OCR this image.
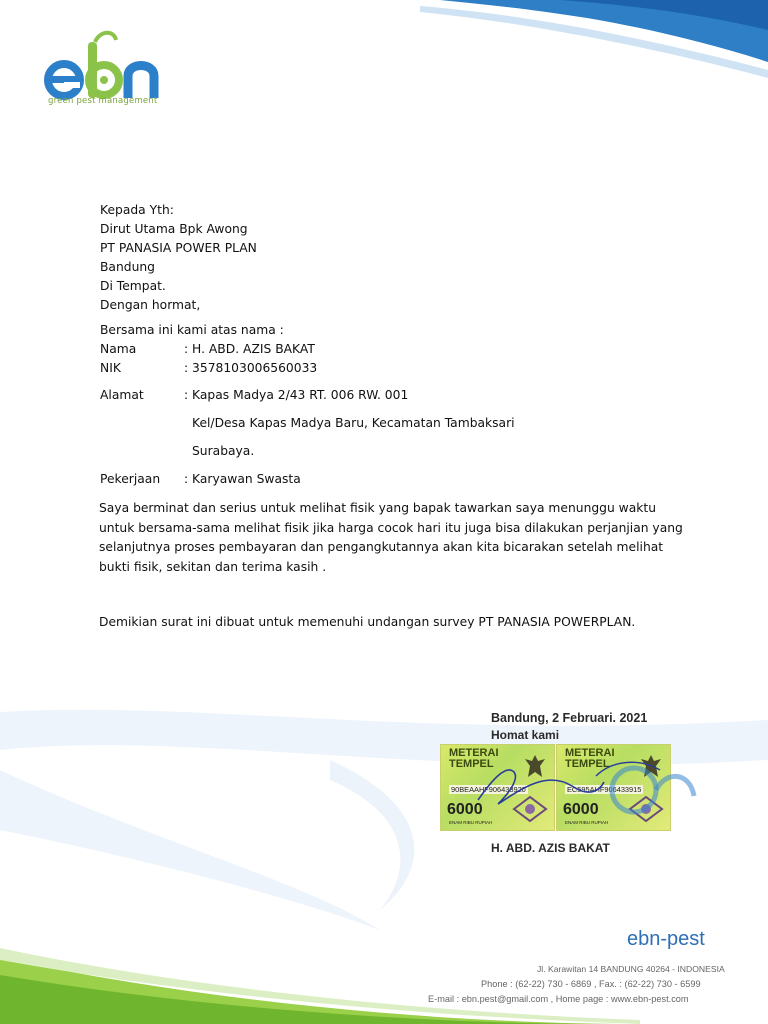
green pest management
Kepada Yth:
Dirut Utama Bpk Awong
PT PANASIA POWER PLAN
Bandung
Di Tempat.
Dengan hormat,
Bersama ini kami atas nama :
Nama	: H. ABD. AZIS BAKAT
NIK	: 3578103006560033
Alamat	: Kapas Madya 2/43 RT. 006 RW. 001
Kel/Desa Kapas Madya Baru, Kecamatan Tambaksari
Surabaya.
Pekerjaan	: Karyawan Swasta
Saya berminat dan serius untuk melihat fisik yang bapak tawarkan saya menunggu waktu
untuk bersama-sama melihat fisik jika harga cocok hari itu juga bisa dilakukan perjanjian yang
selanjutnya proses pembayaran dan pengangkutannya akan kita bicarakan setelah melihat
bukti fisik, sekitan dan terima kasih .
Demikian surat ini dibuat untuk memenuhi undangan survey PT PANASIA POWERPLAN.
Bandung, 2 Februari. 2021
Homat kami
METERAI
TEMPEL
90BEAAHF906433920
6000
ENAM RIBU RUPIAH
METERAI
TEMPEL
EC595AHF906433915
6000
ENAM RIBU RUPIAH
H. ABD. AZIS BAKAT
ebn-pest
Jl. Karawitan 14 BANDUNG 40264 - INDONESIA
Phone : (62-22) 730 - 6869 , Fax. : (62-22) 730 - 6599
E-mail : ebn.pest@gmail.com , Home page : www.ebn-pest.com
